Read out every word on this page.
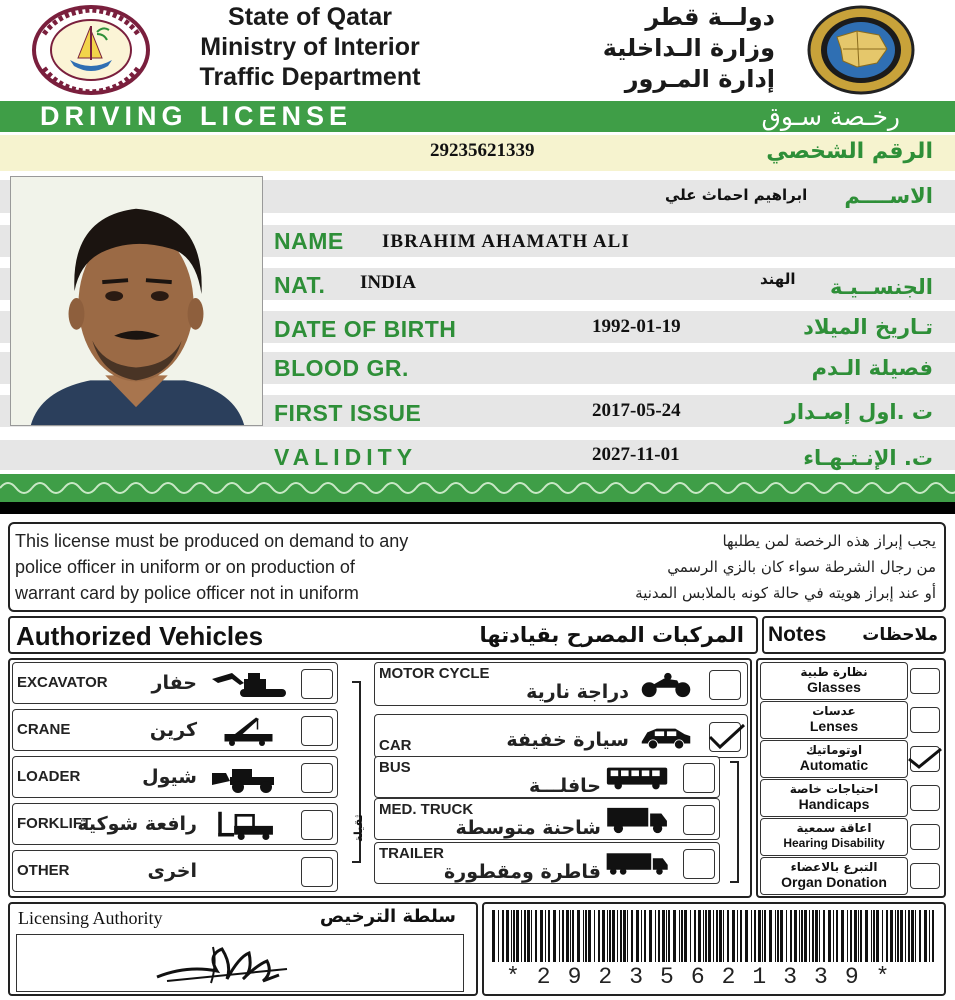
State of Qatar
Ministry of Interior
Traffic Department
دولــة قطر
وزارة الـداخلية
إدارة المـرور
DRIVING LICENSE	رخـصة سـوق
29235621339	الرقم الشخصي
ابراهيم احماث علي الاســــم
NAME IBRAHIM AHAMATH ALI
NAT. INDIA	الهند الجنســيـة
DATE OF BIRTH	1992-01-19	تـاريخ الميلاد
BLOOD GR.	فصيلة الـدم
FIRST ISSUE	2017-05-24	ت .اول إصـدار
VALIDITY	2027-11-01	ت. الإنـتـهـاء
This license must be produced on demand to any
police officer in uniform or on production of
warrant card by police officer not in uniform
يجب إبراز هذه الرخصة لمن يطلبها
من رجال الشرطة سواء كان بالزي الرسمي
أو عند إبراز هويته في حالة كونه بالملابس المدنية
Authorized Vehicles	المركبات المصرح بقيادتها Notes ملاحظات
EXCAVATOR حفار
CRANE	كرين
LOADER	شيول
FORKLIFT
رافعة شوكية
OTHER	اخرى
ثقيلة
MOTOR CYCLE
دراجة نارية
CAR	سيارة خفيفة
BUS
حافلـــة
MED. TRUCK
شاحنة متوسطة
TRAILER
قاطرة ومقطورة
نظارة طبية
Glasses
عدسات
Lenses
اوتوماتيك
Automatic
احتياجات خاصة
Handicaps
اعاقة سمعية
Hearing Disability
التبرع بالاعضاء
Organ Donation
Licensing Authority	سلطة الترخيص
*29235621339*
